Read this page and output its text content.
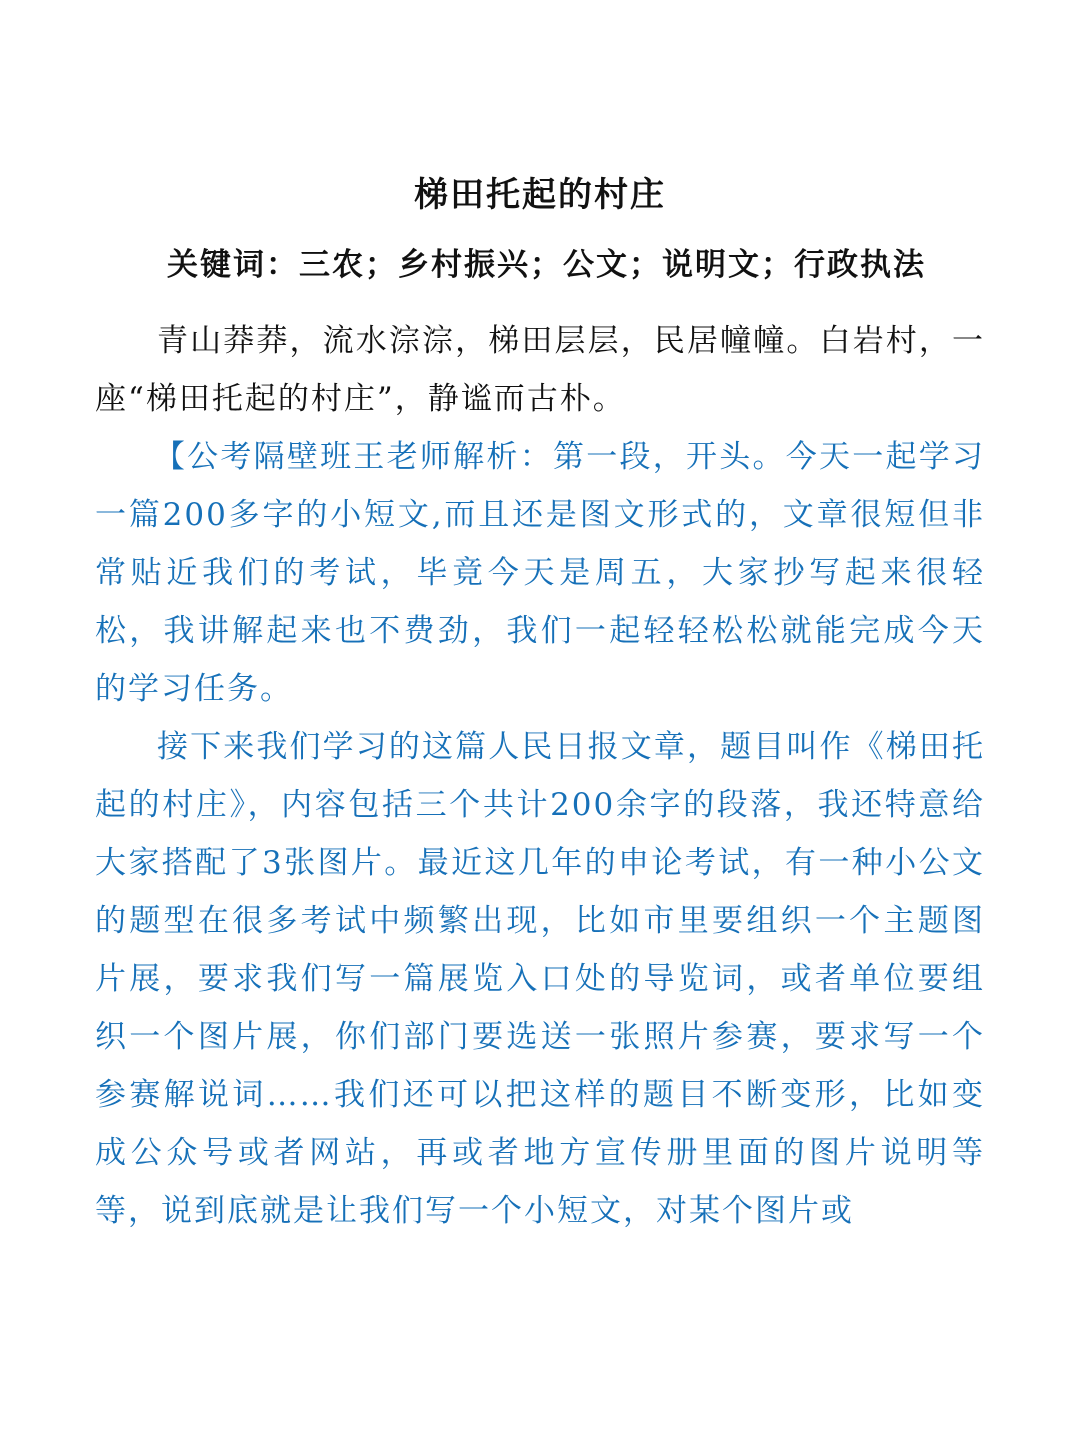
梯田托起的村庄

关键词：三农；乡村振兴；公文；说明文；行政执法

青山莽莽，流水淙淙，梯田层层，民居幢幢。白岩村，一座“梯田托起的村庄”，静谧而古朴。

【公考隔壁班王老师解析：第一段，开头。今天一起学习一篇200多字的小短文,而且还是图文形式的，文章很短但非常贴近我们的考试，毕竟今天是周五，大家抄写起来很轻松，我讲解起来也不费劲，我们一起轻轻松松就能完成今天的学习任务。

接下来我们学习的这篇人民日报文章，题目叫作《梯田托起的村庄》，内容包括三个共计200余字的段落，我还特意给大家搭配了3张图片。最近这几年的申论考试，有一种小公文的题型在很多考试中频繁出现，比如市里要组织一个主题图片展，要求我们写一篇展览入口处的导览词，或者单位要组织一个图片展，你们部门要选送一张照片参赛，要求写一个参赛解说词……我们还可以把这样的题目不断变形，比如变成公众号或者网站，再或者地方宣传册里面的图片说明等等，说到底就是让我们写一个小短文，对某个图片或
